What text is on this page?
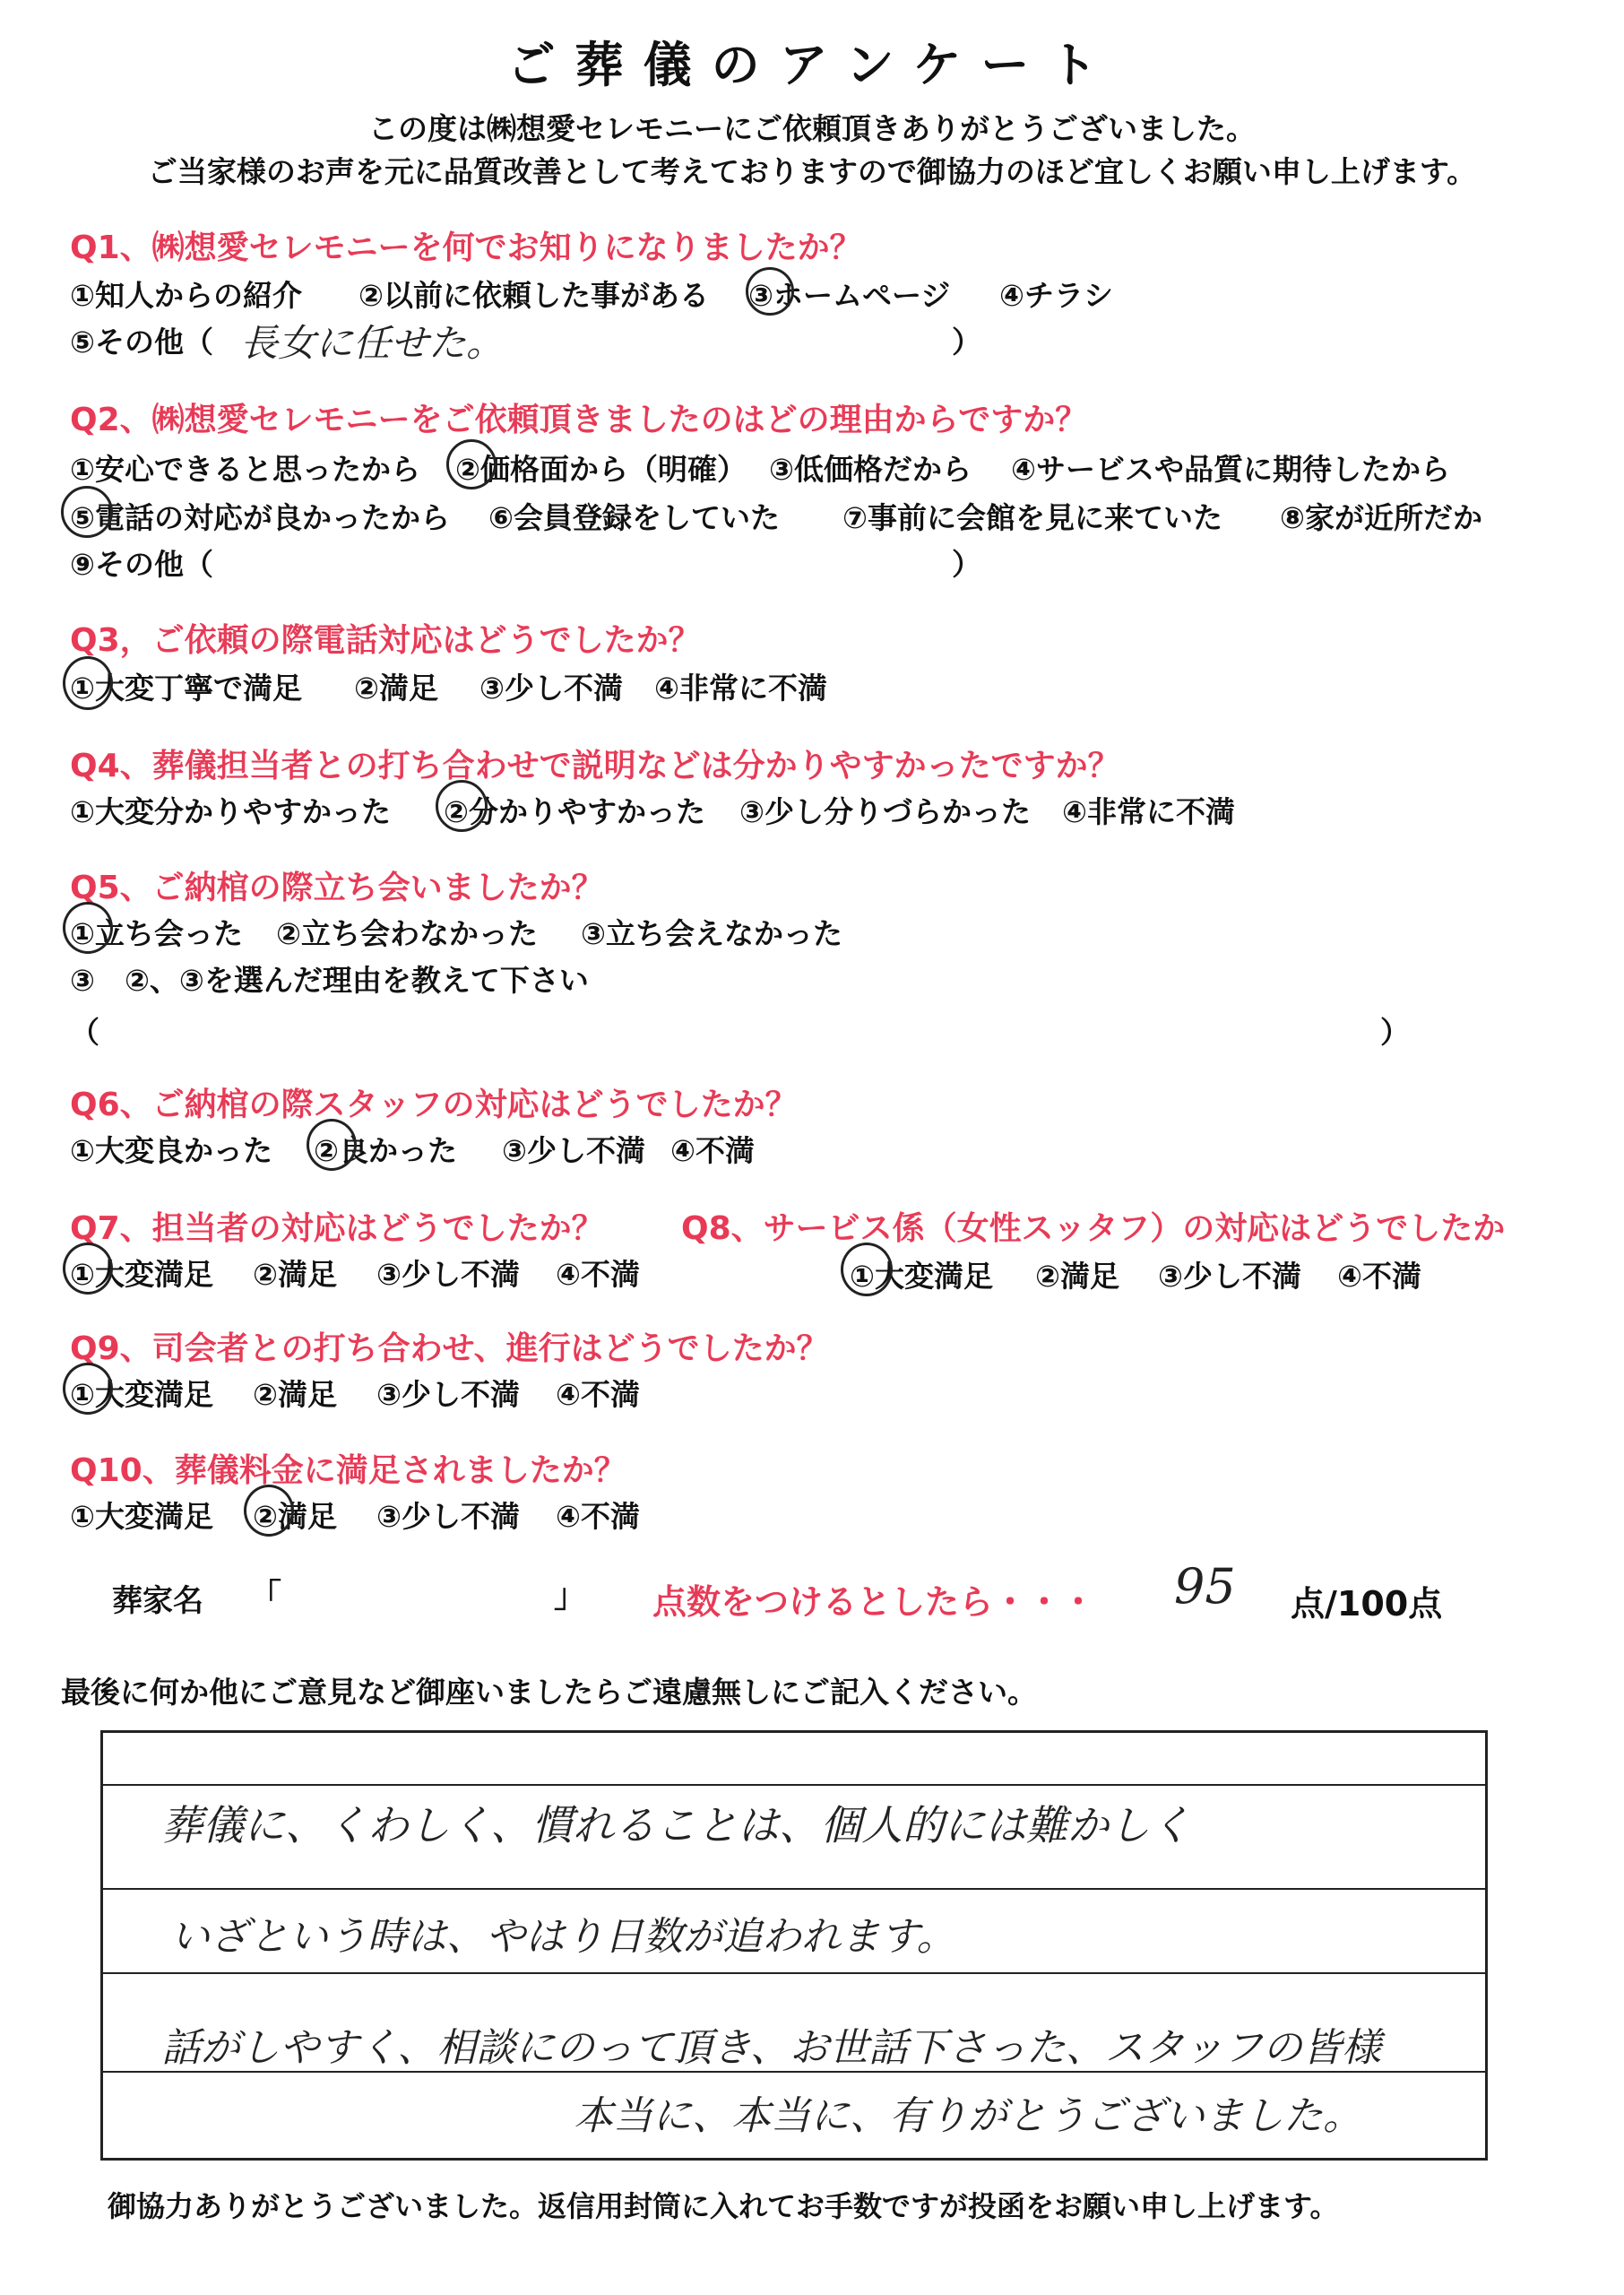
ご葬儀のアンケート
この度は㈱想愛セレモニーにご依頼頂きありがとうございました。
ご当家様のお声を元に品質改善として考えておりますので御協力のほど宜しくお願い申し上げます。
Q1、㈱想愛セレモニーを何でお知りになりましたか？
①知人からの紹介 ②以前に依頼した事がある ③ホームページ ④チラシ
⑤その他（ 長女に任せた。	）
Q2、㈱想愛セレモニーをご依頼頂きましたのはどの理由からですか？
①安心できると思ったから ②価格面から（明確） ③低価格だから ④サービスや品質に期待したから
⑤電話の対応が良かったから ⑥会員登録をしていた ⑦事前に会館を見に来ていた ⑧家が近所だか
⑨その他（	）
Q3，ご依頼の際電話対応はどうでしたか？
①大変丁寧で満足 ②満足 ③少し不満 ④非常に不満
Q4、葬儀担当者との打ち合わせで説明などは分かりやすかったですか？
①大変分かりやすかった ②分かりやすかった ③少し分りづらかった ④非常に不満
Q5、ご納棺の際立ち会いましたか？
①立ち会った ②立ち会わなかった ③立ち会えなかった
③　②、③を選んだ理由を教えて下さい
（	）
Q6、ご納棺の際スタッフの対応はどうでしたか？
①大変良かった ②良かった ③少し不満 ④不満
Q7、担当者の対応はどうでしたか？ Q8、サービス係（女性スッタフ）の対応はどうでしたか
①大変満足 ②満足 ③少し不満 ④不満	①大変満足 ②満足 ③少し不満 ④不満
Q9、司会者との打ち合わせ、進行はどうでしたか？
①大変満足 ②満足 ③少し不満 ④不満
Q10、葬儀料金に満足されましたか？
①大変満足 ②満足 ③少し不満 ④不満
葬家名 「	」 点数をつけるとしたら・・・ 95 点/100点
最後に何か他にご意見など御座いましたらご遠慮無しにご記入ください。
葬儀に、くわしく、慣れることは、個人的には難かしく
いざという時は、やはり日数が追われます。
話がしやすく、相談にのって頂き、お世話下さった、スタッフの皆様
本当に、本当に、有りがとうございました。
御協力ありがとうございました。返信用封筒に入れてお手数ですが投函をお願い申し上げます。
